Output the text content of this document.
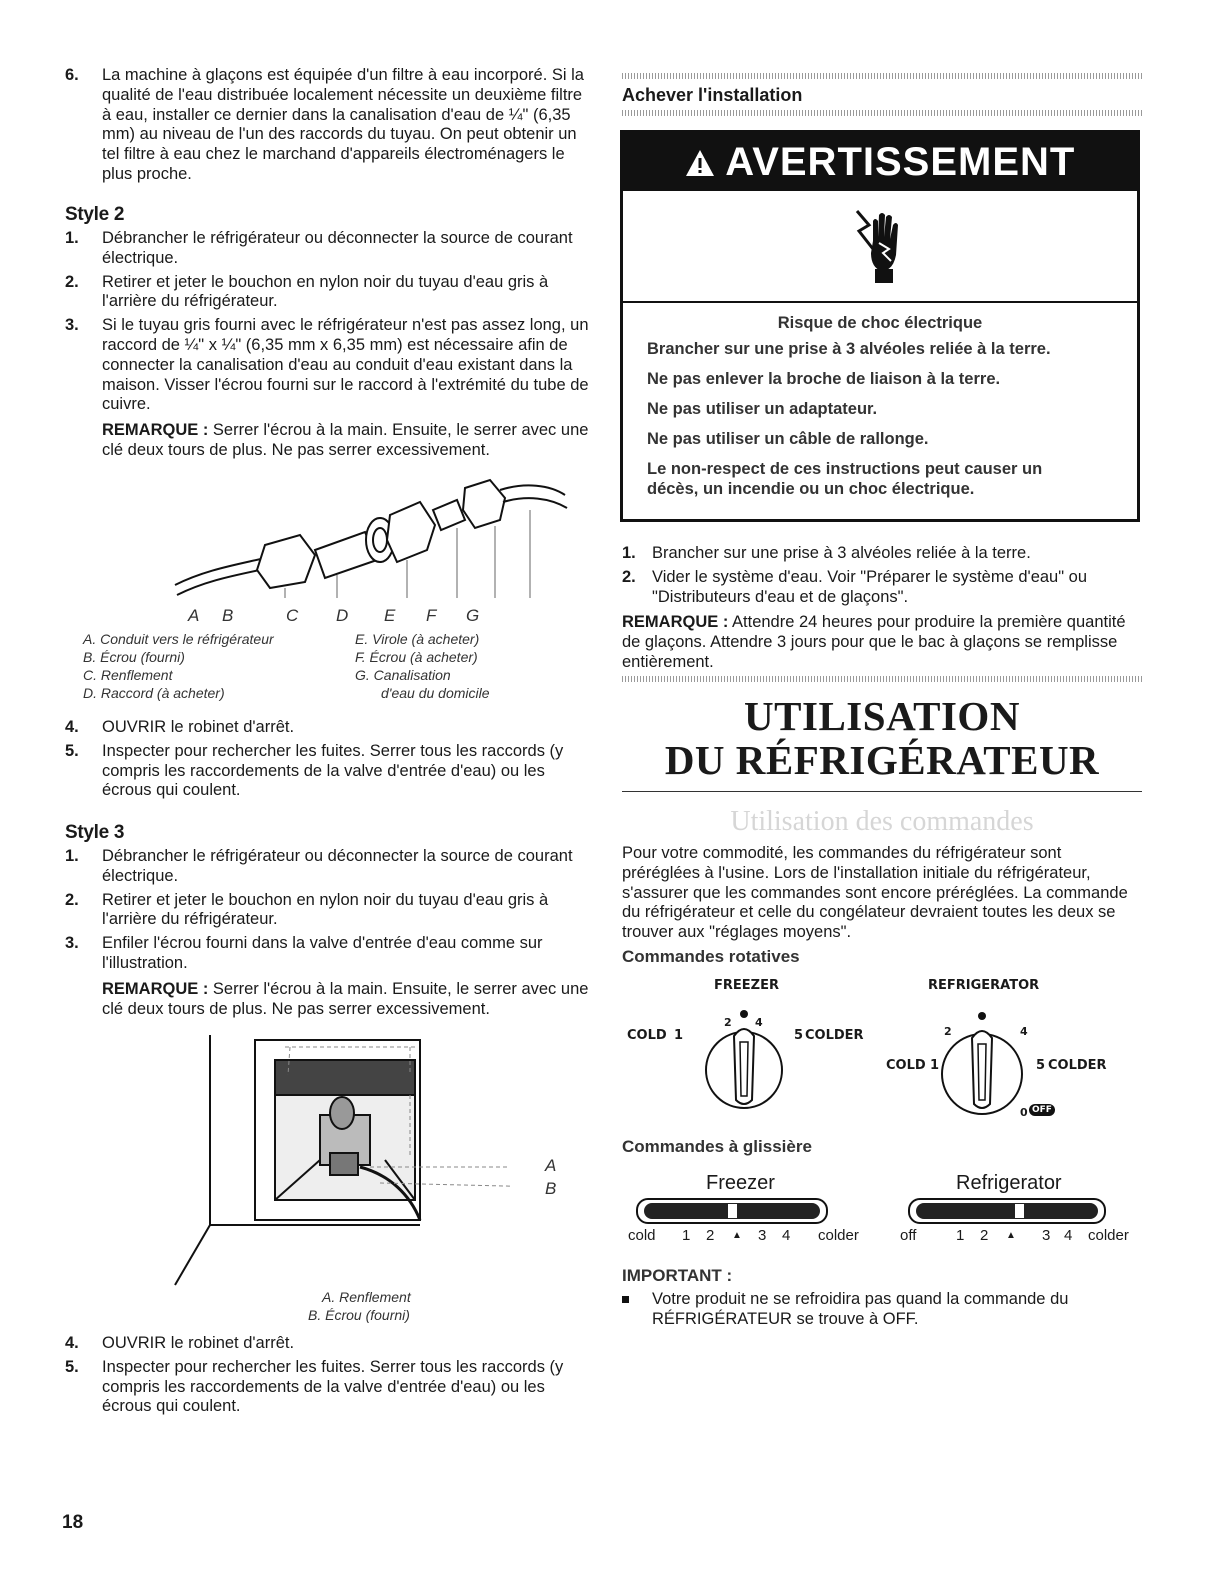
6. La machine à glaçons est équipée d'un filtre à eau incorporé. Si la qualité de l'eau distribuée localement nécessite un deuxième filtre à eau, installer ce dernier dans la canalisation d'eau de ¼" (6,35 mm) au niveau de l'un des raccords du tuyau. On peut obtenir un tel filtre à eau chez le marchand d'appareils électroménagers le plus proche.

Style 2

1. Débrancher le réfrigérateur ou déconnecter la source de courant électrique.

2. Retirer et jeter le bouchon en nylon noir du tuyau d'eau gris à l'arrière du réfrigérateur.

3. Si le tuyau gris fourni avec le réfrigérateur n'est pas assez long, un raccord de ¼" x ¼" (6,35 mm x 6,35 mm) est nécessaire afin de connecter la canalisation d'eau au conduit d'eau existant dans la maison. Visser l'écrou fourni sur le raccord à l'extrémité du tube de cuivre.

REMARQUE : Serrer l'écrou à la main. Ensuite, le serrer avec une clé deux tours de plus. Ne pas serrer excessivement.

A B	C D E F G
A. Conduit vers le réfrigérateur
B. Écrou (fourni)
C. Renflement
D. Raccord (à acheter)
E. Virole (à acheter)
F. Écrou (à acheter)
G. Canalisation
d'eau du domicile

4. OUVRIR le robinet d'arrêt.

5. Inspecter pour rechercher les fuites. Serrer tous les raccords (y compris les raccordements de la valve d'entrée d'eau) ou les écrous qui coulent.

Style 3

1. Débrancher le réfrigérateur ou déconnecter la source de courant électrique.

2. Retirer et jeter le bouchon en nylon noir du tuyau d'eau gris à l'arrière du réfrigérateur.

3. Enfiler l'écrou fourni dans la valve d'entrée d'eau comme sur l'illustration.

REMARQUE : Serrer l'écrou à la main. Ensuite, le serrer avec une clé deux tours de plus. Ne pas serrer excessivement.

A
B
A. Renflement
B. Écrou (fourni)

4. OUVRIR le robinet d'arrêt.

5. Inspecter pour rechercher les fuites. Serrer tous les raccords (y compris les raccordements de la valve d'entrée d'eau) ou les écrous qui coulent.

18
Achever l'installation
AVERTISSEMENT
Risque de choc électrique
Brancher sur une prise à 3 alvéoles reliée à la terre.
Ne pas enlever la broche de liaison à la terre.
Ne pas utiliser un adaptateur.
Ne pas utiliser un câble de rallonge.
Le non-respect de ces instructions peut causer un décès, un incendie ou un choc électrique.

1. Brancher sur une prise à 3 alvéoles reliée à la terre.

2. Vider le système d'eau. Voir "Préparer le système d'eau" ou "Distributeurs d'eau et de glaçons".

REMARQUE : Attendre 24 heures pour produire la première quantité de glaçons. Attendre 3 jours pour que le bac à glaçons se remplisse entièrement.

UTILISATION
DU RÉFRIGÉRATEUR
Utilisation des commandes
Pour votre commodité, les commandes du réfrigérateur sont préréglées à l'usine. Lors de l'installation initiale du réfrigérateur, s'assurer que les commandes sont encore préréglées. La commande du réfrigérateur et celle du congélateur devraient toutes les deux se trouver aux "réglages moyens".
Commandes rotatives
FREEZER
COLD 1
2 4
5 COLDER
REFRIGERATOR
COLD 1
2	4
5 COLDER
0 OFF
Commandes à glissière
Freezer
cold 1 2 ▲ 3 4 colder
Refrigerator
off	1 2 ▲ 3 4 colder
IMPORTANT :
Votre produit ne se refroidira pas quand la commande du RÉFRIGÉRATEUR se trouve à OFF.
